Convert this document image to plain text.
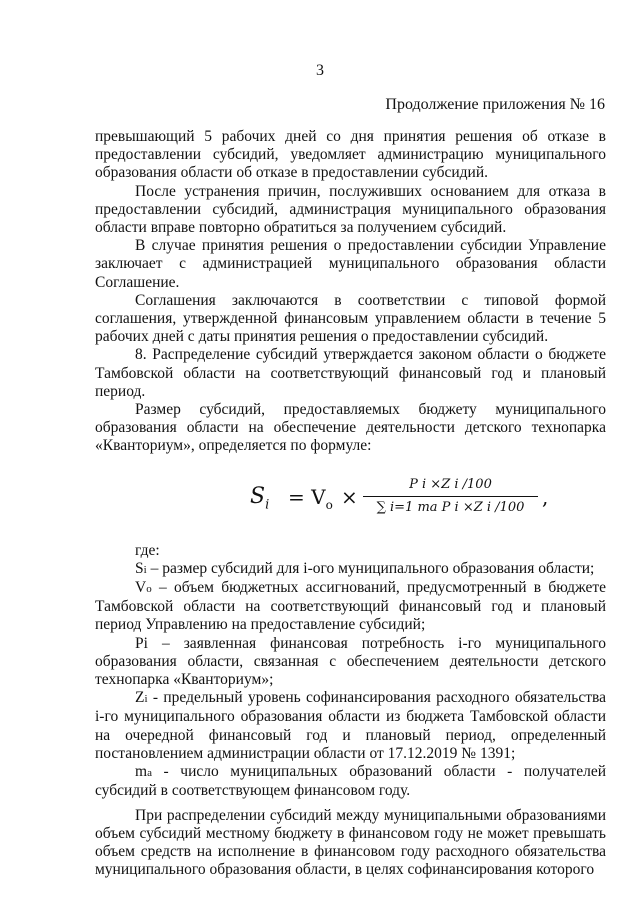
3
Продолжение приложения № 16

превышающий 5 рабочих дней со дня принятия решения об отказе в предоставлении субсидий, уведомляет администрацию муниципального образования области об отказе в предоставлении субсидий.

После устранения причин, послуживших основанием для отказа в предоставлении субсидий, администрация муниципального образования области вправе повторно обратиться за получением субсидий.

В случае принятия решения о предоставлении субсидии Управление заключает с администрацией муниципального образования области Соглашение.

Соглашения заключаются в соответствии с типовой формой соглашения, утвержденной финансовым управлением области в течение 5 рабочих дней с даты принятия решения о предоставлении субсидий.

8. Распределение субсидий утверждается законом области о бюджете Тамбовской области на соответствующий финансовый год и плановый период.

Размер субсидий, предоставляемых бюджету муниципального образования области на обеспечение деятельности детского технопарка «Кванториум», определяется по формуле:

$S_i = V_o \times \frac{\text{P i ×Z i /100}}{\text{∑ i=1 ma P i ×Z i /100}}$ ,

где:

Si – размер субсидий для i-ого муниципального образования области;

Vо – объем бюджетных ассигнований, предусмотренный в бюджете Тамбовской области на соответствующий финансовый год и плановый период Управлению на предоставление субсидий;

Pi – заявленная финансовая потребность i-го муниципального образования области, связанная с обеспечением деятельности детского технопарка «Кванториум»;

Zi - предельный уровень софинансирования расходного обязательства i-го муниципального образования области из бюджета Тамбовской области на очередной финансовый год и плановый период, определенный постановлением администрации области от 17.12.2019 № 1391;

ma - число муниципальных образований области - получателей субсидий в соответствующем финансовом году.

При распределении субсидий между муниципальными образованиями объем субсидий местному бюджету в финансовом году не может превышать объем средств на исполнение в финансовом году расходного обязательства муниципального образования области, в целях софинансирования которого
